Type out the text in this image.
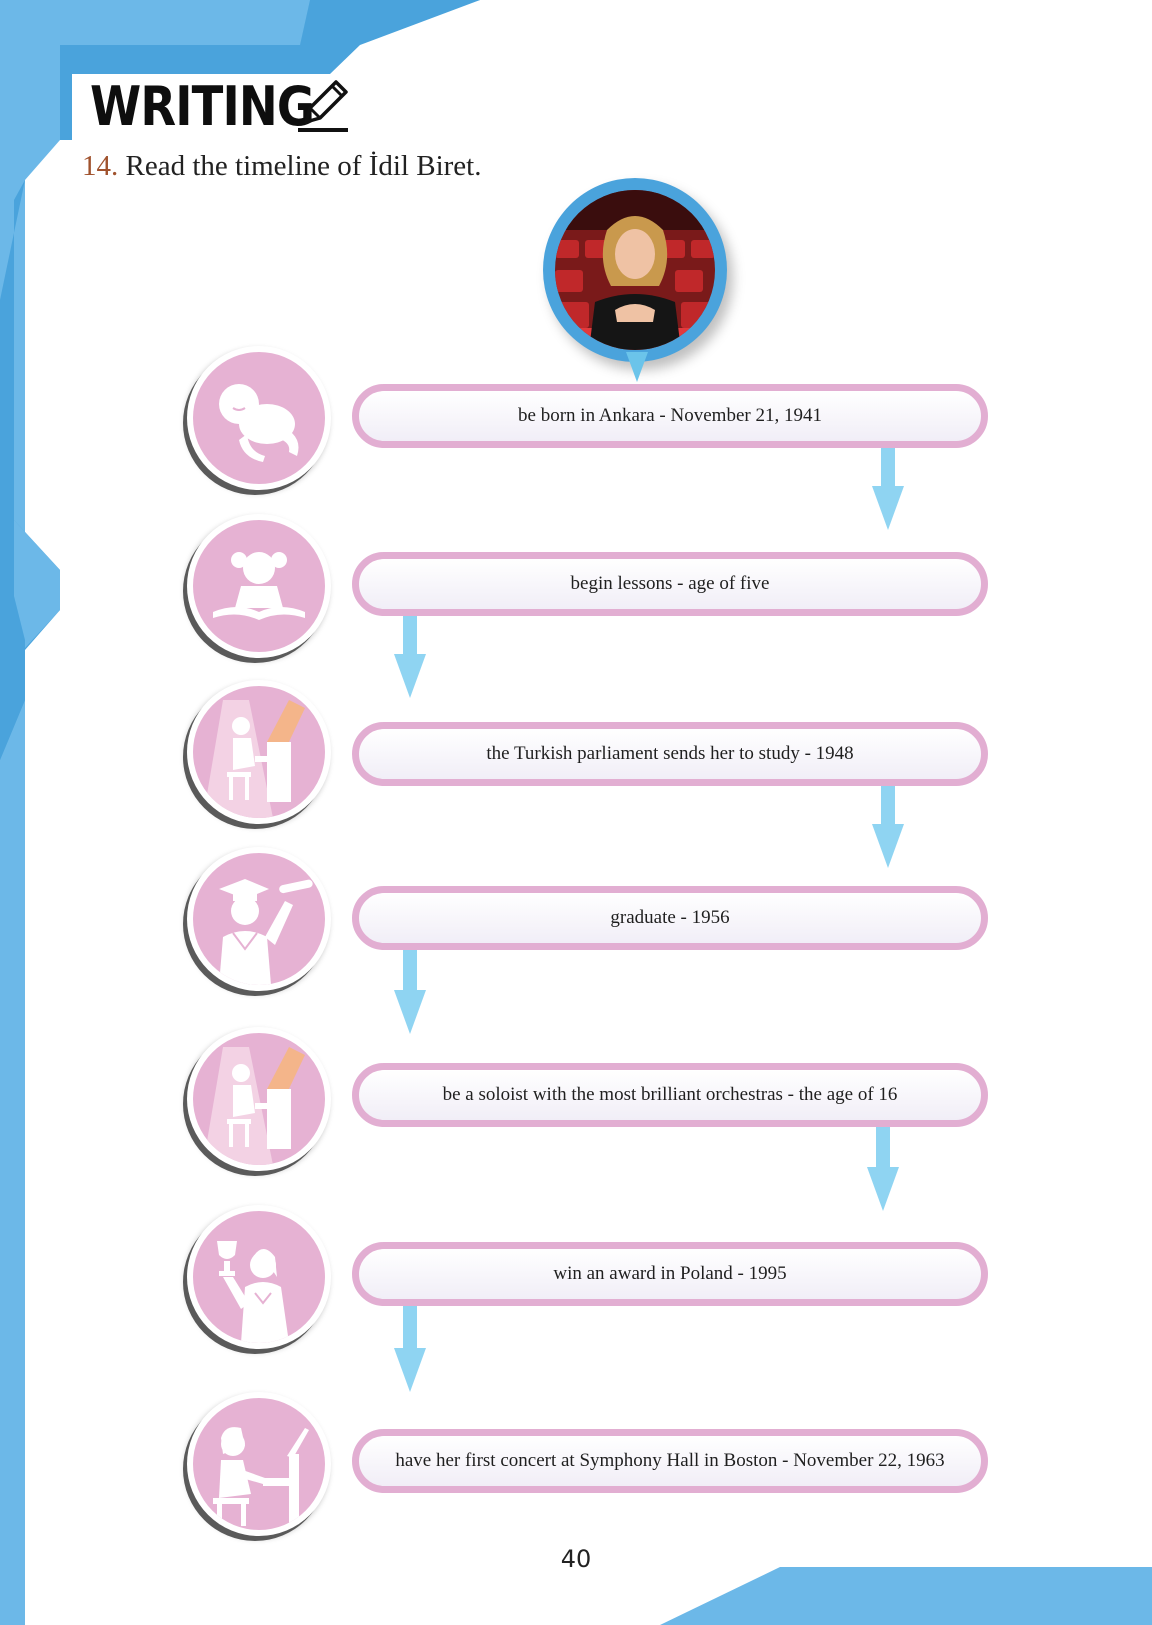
WRITING
14. Read the timeline of İdil Biret.
be born in Ankara - November 21, 1941
begin lessons - age of five
the Turkish parliament sends her to study - 1948
graduate - 1956
be a soloist with the most brilliant orchestras - the age of 16
win an award in Poland - 1995
have her first concert at Symphony Hall in Boston - November 22, 1963
40
